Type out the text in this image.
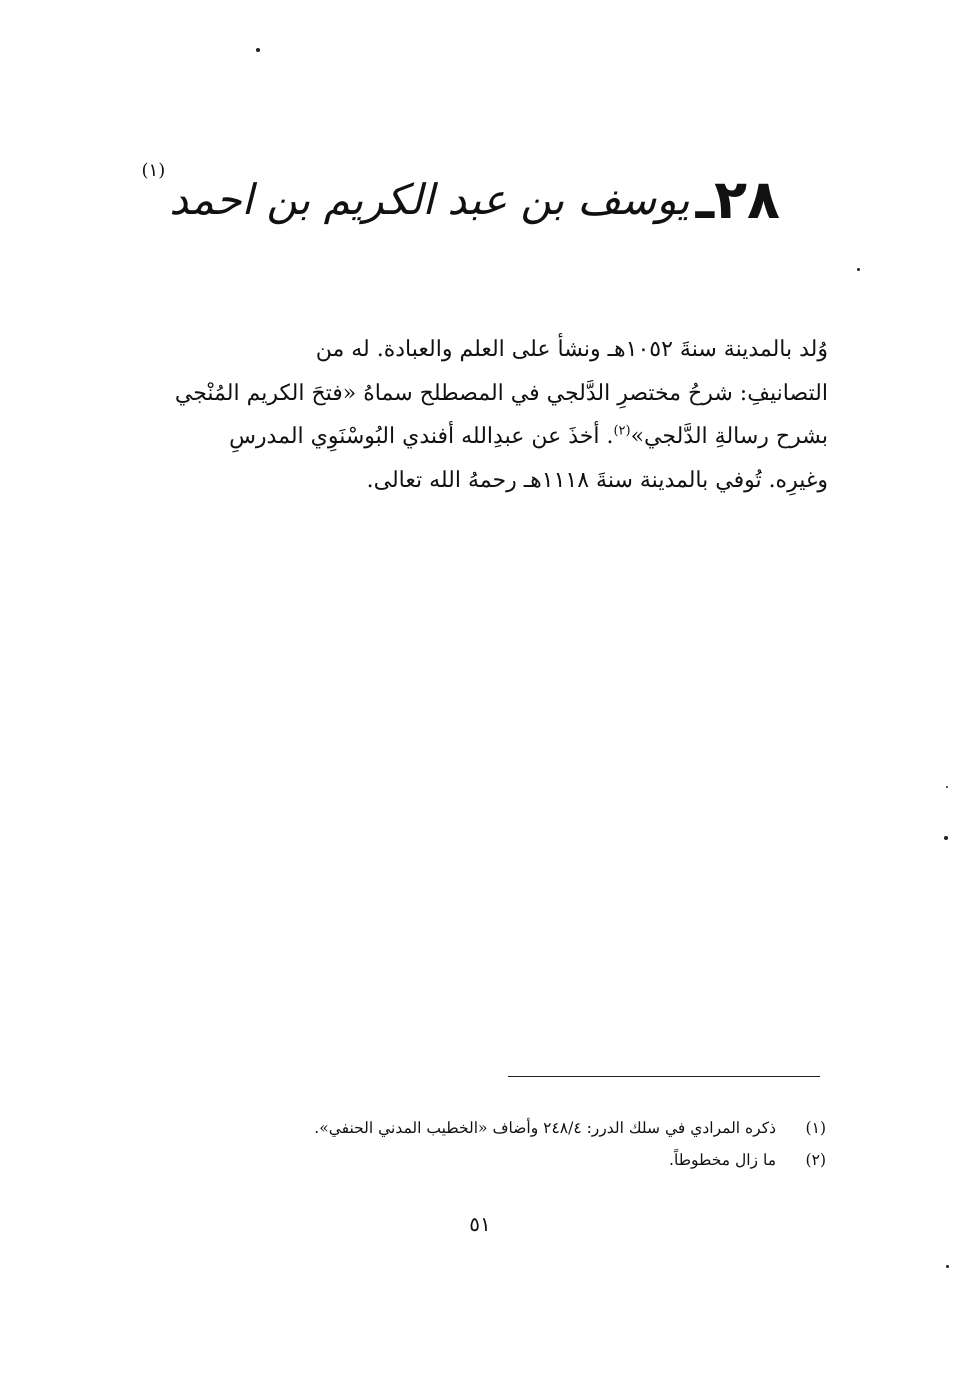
٢٨ـيوسف بن عبد الكريم بن احمد(١)

وُلد بالمدينة سنةَ ١٠٥٢هـ ونشأ على العلم والعبادة. له من

التصانيفِ: شرحُ مختصرِ الدَّلجي في المصطلح سماهُ «فتحَ الكريم المُنْجي

بشرح رسالةِ الدَّلجي»$^{(٢)}$. أخذَ عن عبدِالله أفندي البُوسْنَوِي المدرسِ

وغيرِه. تُوفي بالمدينة سنةَ ١١١٨هـ رحمهُ الله تعالى.

(١)ذكره المرادي في سلك الدرر: ٢٤٨/٤ وأضاف «الخطيب المدني الحنفي».
(٢)ما زال مخطوطاً.
٥١
